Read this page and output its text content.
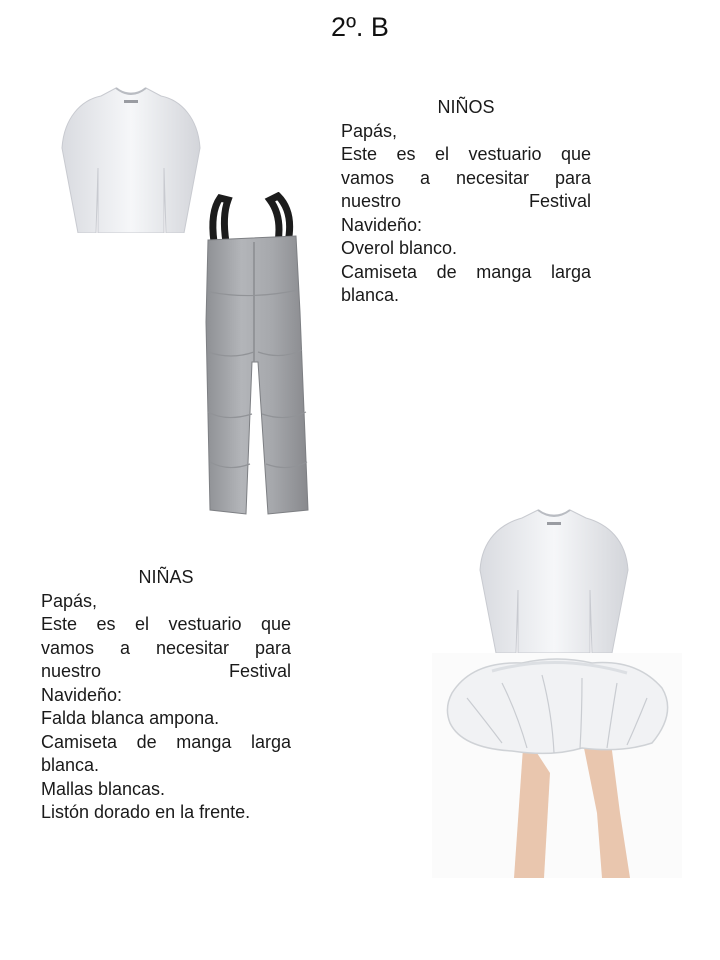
2º. B
NIÑOS
Papás,
Este es el vestuario que
vamos a necesitar para
nuestro Festival
Navideño:
Overol blanco.
Camiseta de manga larga blanca.
NIÑAS
Papás,
Este es el vestuario que
vamos a necesitar para
nuestro Festival
Navideño:
Falda blanca ampona.
Camiseta de manga larga blanca.
Mallas blancas.
Listón dorado en la frente.
